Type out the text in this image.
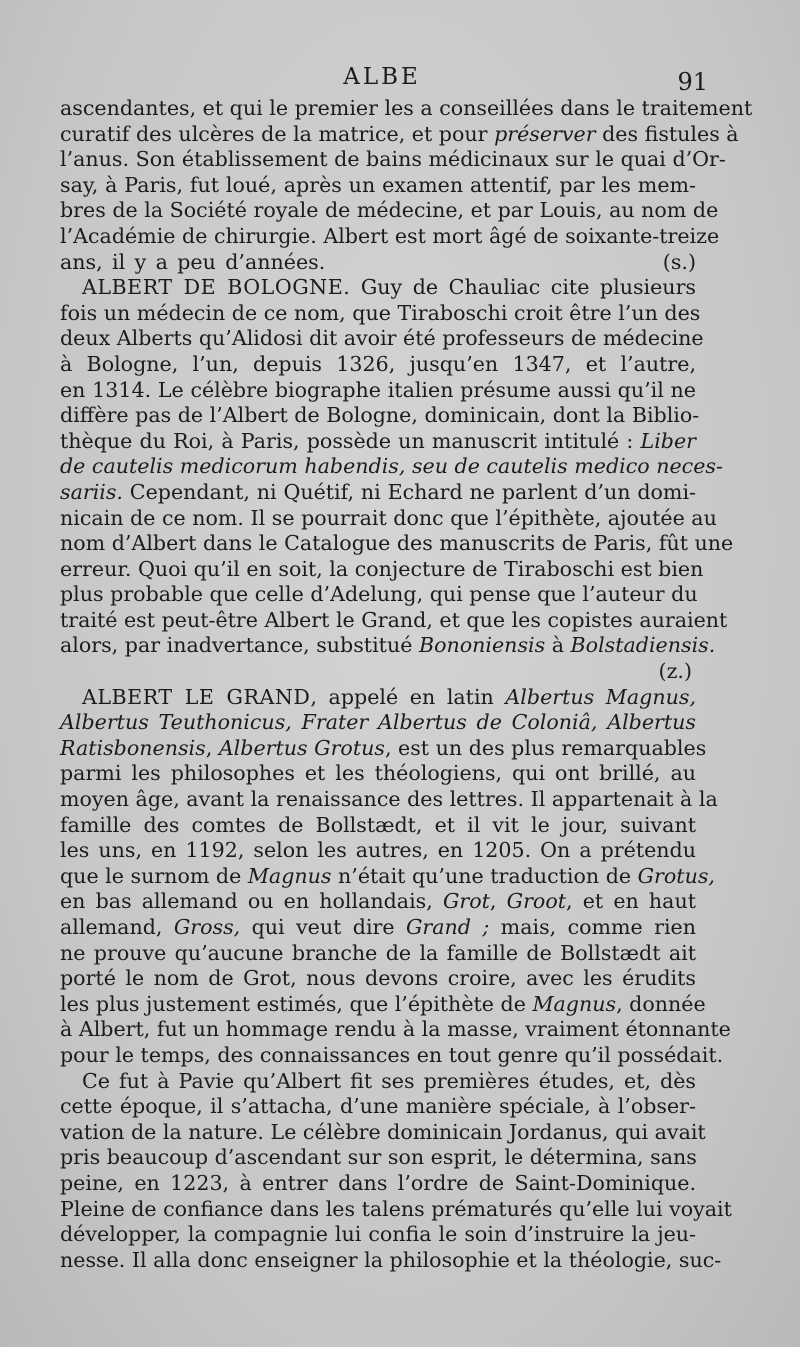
ALBE	91
ascendantes, et qui le premier les a conseillées dans le traitement
curatif des ulcères de la matrice, et pour préserver des fistules à
l’anus. Son établissement de bains médicinaux sur le quai d’Or-
say, à Paris, fut loué, après un examen attentif, par les mem-
bres de la Société royale de médecine, et par Louis, au nom de
l’Académie de chirurgie. Albert est mort âgé de soixante-treize
ans, il y a peu d’années.                                    (s.)
ALBERT DE BOLOGNE. Guy de Chauliac cite plusieurs
fois un médecin de ce nom, que Tiraboschi croit être l’un des
deux Alberts qu’Alidosi dit avoir été professeurs de médecine
à Bologne, l’un, depuis 1326, jusqu’en 1347, et l’autre,
en 1314. Le célèbre biographe italien présume aussi qu’il ne
diffère pas de l’Albert de Bologne, dominicain, dont la Biblio-
thèque du Roi, à Paris, possède un manuscrit intitulé : Liber
de cautelis medicorum habendis, seu de cautelis medico neces-
sariis. Cependant, ni Quétif, ni Echard ne parlent d’un domi-
nicain de ce nom. Il se pourrait donc que l’épithète, ajoutée au
nom d’Albert dans le Catalogue des manuscrits de Paris, fût une
erreur. Quoi qu’il en soit, la conjecture de Tiraboschi est bien
plus probable que celle d’Adelung, qui pense que l’auteur du
traité est peut-être Albert le Grand, et que les copistes auraient
alors, par inadvertance, substitué Bononiensis à Bolstadiensis.
(z.)
ALBERT LE GRAND, appelé en latin Albertus Magnus,
Albertus Teuthonicus, Frater Albertus de Coloniâ, Albertus
Ratisbonensis, Albertus Grotus, est un des plus remarquables
parmi les philosophes et les théologiens, qui ont brillé, au
moyen âge, avant la renaissance des lettres. Il appartenait à la
famille des comtes de Bollstædt, et il vit le jour, suivant
les uns, en 1192, selon les autres, en 1205. On a prétendu
que le surnom de Magnus n’était qu’une traduction de Grotus,
en bas allemand ou en hollandais, Grot, Groot, et en haut
allemand, Gross, qui veut dire Grand ; mais, comme rien
ne prouve qu’aucune branche de la famille de Bollstædt ait
porté le nom de Grot, nous devons croire, avec les érudits
les plus justement estimés, que l’épithète de Magnus, donnée
à Albert, fut un hommage rendu à la masse, vraiment étonnante
pour le temps, des connaissances en tout genre qu’il possédait.
Ce fut à Pavie qu’Albert fit ses premières études, et, dès
cette époque, il s’attacha, d’une manière spéciale, à l’obser-
vation de la nature. Le célèbre dominicain Jordanus, qui avait
pris beaucoup d’ascendant sur son esprit, le détermina, sans
peine, en 1223, à entrer dans l’ordre de Saint-Dominique.
Pleine de confiance dans les talens prématurés qu’elle lui voyait
développer, la compagnie lui confia le soin d’instruire la jeu-
nesse. Il alla donc enseigner la philosophie et la théologie, suc-
